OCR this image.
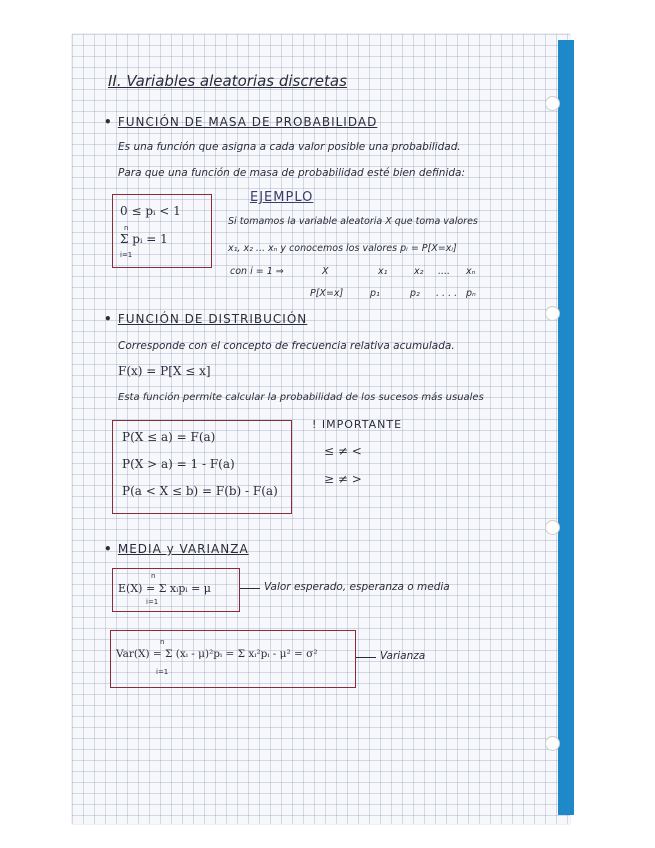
II. Variables aleatorias discretas
• FUNCIÓN DE MASA DE PROBABILIDAD
Es una función que asigna a cada valor posible una probabilidad.
Para que una función de masa de probabilidad esté bien definida:
0 ≤ pᵢ < 1
Σ pᵢ = 1
n
i=1
EJEMPLO
Si tomamos la variable aleatoria X que toma valores
x₁, x₂ ... xₙ y conocemos los valores pᵢ = P[X=xᵢ]
con i = 1 ⇒	X	x₁	x₂ .... xₙ
P[X=x]	p₁	p₂ . . . . pₙ
• FUNCIÓN DE DISTRIBUCIÓN
Corresponde con el concepto de frecuencia relativa acumulada.
F(x) = P[X ≤ x]
Esta función permite calcular la probabilidad de los sucesos más usuales
P(X ≤ a) = F(a)
P(X > a) = 1 - F(a)
P(a < X ≤ b) = F(b) - F(a)
! IMPORTANTE
≤ ≠ <
≥ ≠ >
• MEDIA y VARIANZA
E(X) = Σ xᵢpᵢ = μ
n
i=1
Valor esperado, esperanza o media
Var(X) = Σ (xᵢ - μ)²pᵢ = Σ xᵢ²pᵢ - μ² = σ²
n
i=1
Varianza
